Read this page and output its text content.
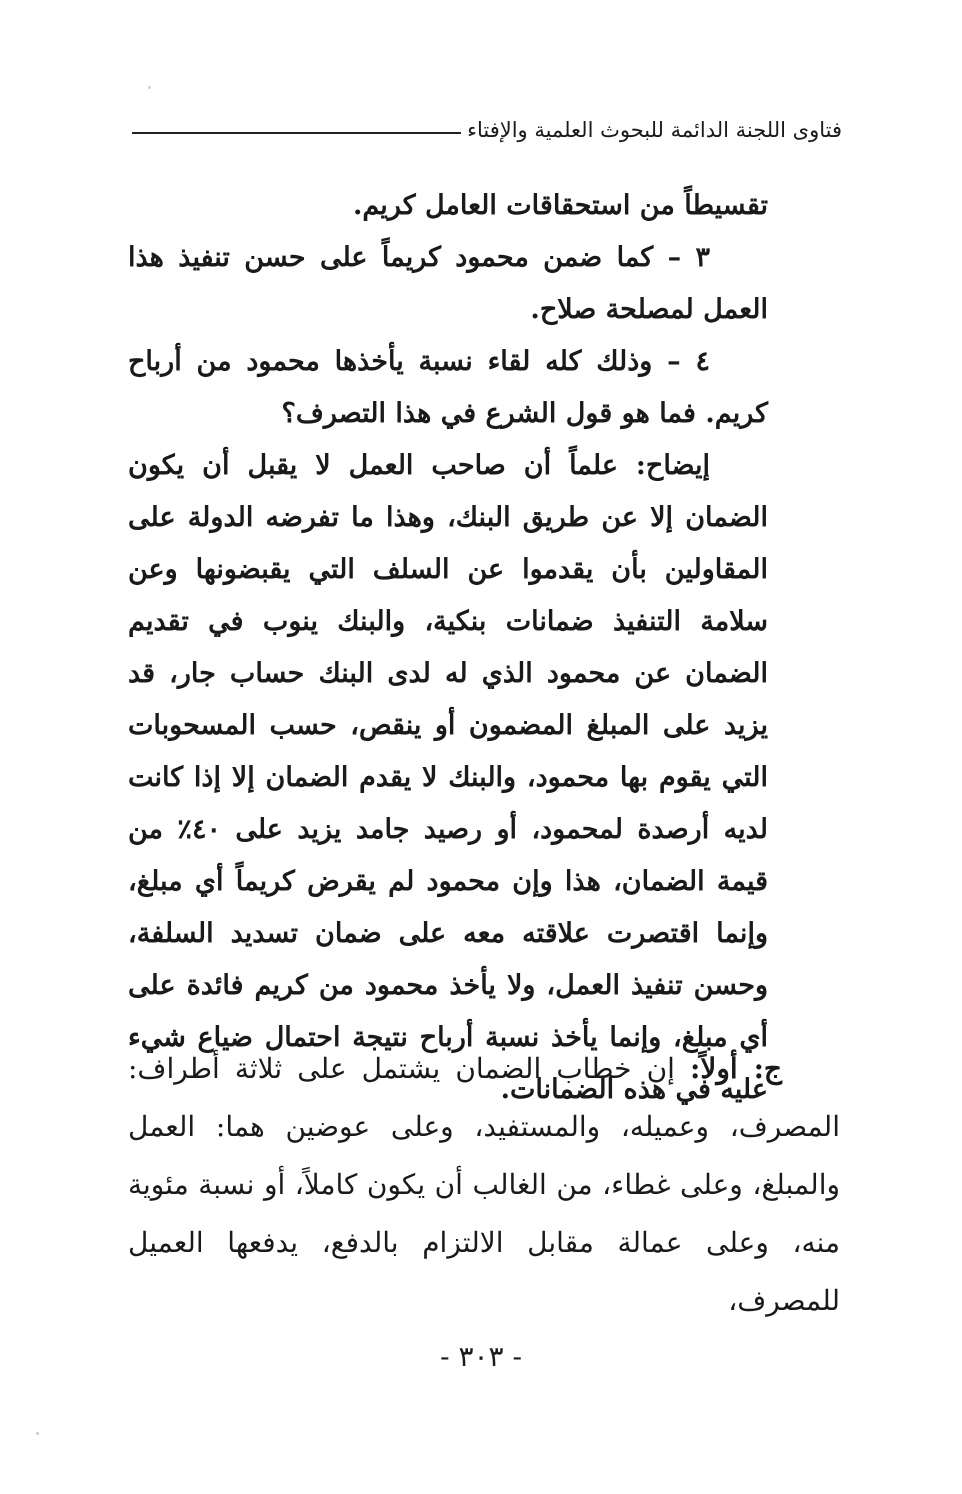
فتاوى اللجنة الدائمة للبحوث العلمية والإفتاء

تقسيطاً من استحقاقات العامل كريم.

٣ – كما ضمن محمود كريماً على حسن تنفيذ هذا العمل لمصلحة صلاح.

٤ – وذلك كله لقاء نسبة يأخذها محمود من أرباح كريم. فما هو قول الشرع في هذا التصرف؟

إيضاح: علماً أن صاحب العمل لا يقبل أن يكون الضمان إلا عن طريق البنك، وهذا ما تفرضه الدولة على المقاولين بأن يقدموا عن السلف التي يقبضونها وعن سلامة التنفيذ ضمانات بنكية، والبنك ينوب في تقديم الضمان عن محمود الذي له لدى البنك حساب جار، قد يزيد على المبلغ المضمون أو ينقص، حسب المسحوبات التي يقوم بها محمود، والبنك لا يقدم الضمان إلا إذا كانت لديه أرصدة لمحمود، أو رصيد جامد يزيد على ٤٠٪ من قيمة الضمان، هذا وإن محمود لم يقرض كريماً أي مبلغ، وإنما اقتصرت علاقته معه على ضمان تسديد السلفة، وحسن تنفيذ العمل، ولا يأخذ محمود من كريم فائدة على أي مبلغ، وإنما يأخذ نسبة أرباح نتيجة احتمال ضياع شيء عليه في هذه الضمانات.

ج: أولاً: إن خطاب الضمان يشتمل على ثلاثة أطراف: المصرف، وعميله، والمستفيد، وعلى عوضين هما: العمل والمبلغ، وعلى غطاء، من الغالب أن يكون كاملاً، أو نسبة مئوية منه، وعلى عمالة مقابل الالتزام بالدفع، يدفعها العميل للمصرف،

- ٣٠٣ -
